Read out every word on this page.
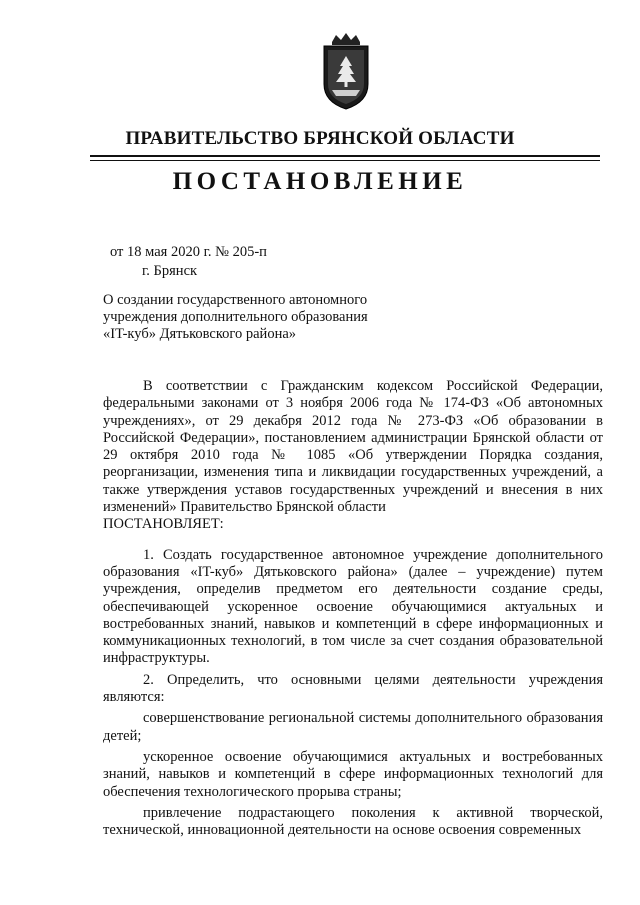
ПРАВИТЕЛЬСТВО БРЯНСКОЙ ОБЛАСТИ
ПОСТАНОВЛЕНИЕ
от 18 мая 2020 г. № 205-п
г. Брянск
О создании государственного автономного
учреждения дополнительного образования
«IT-куб» Дятьковского района»

В соответствии с Гражданским кодексом Российской Федерации, федеральными законами от 3 ноября 2006 года № 174-ФЗ «Об автономных учреждениях», от 29 декабря 2012 года № 273-ФЗ «Об образовании в Российской Федерации», постановлением администрации Брянской области от 29 октября 2010 года № 1085 «Об утверждении Порядка создания, реорганизации, изменения типа и ликвидации государственных учреждений, а также утверждения уставов государственных учреждений и внесения в них изменений» Правительство Брянской области

ПОСТАНОВЛЯЕТ:

1. Создать государственное автономное учреждение дополнительного образования «IT-куб» Дятьковского района» (далее – учреждение) путем учреждения, определив предметом его деятельности создание среды, обеспечивающей ускоренное освоение обучающимися актуальных и востребованных знаний, навыков и компетенций в сфере информационных и коммуникационных технологий, в том числе за счет создания образовательной инфраструктуры.

2. Определить, что основными целями деятельности учреждения являются:

совершенствование региональной системы дополнительного образования детей;

ускоренное освоение обучающимися актуальных и востребованных знаний, навыков и компетенций в сфере информационных технологий для обеспечения технологического прорыва страны;

привлечение подрастающего поколения к активной творческой, технической, инновационной деятельности на основе освоения современных
